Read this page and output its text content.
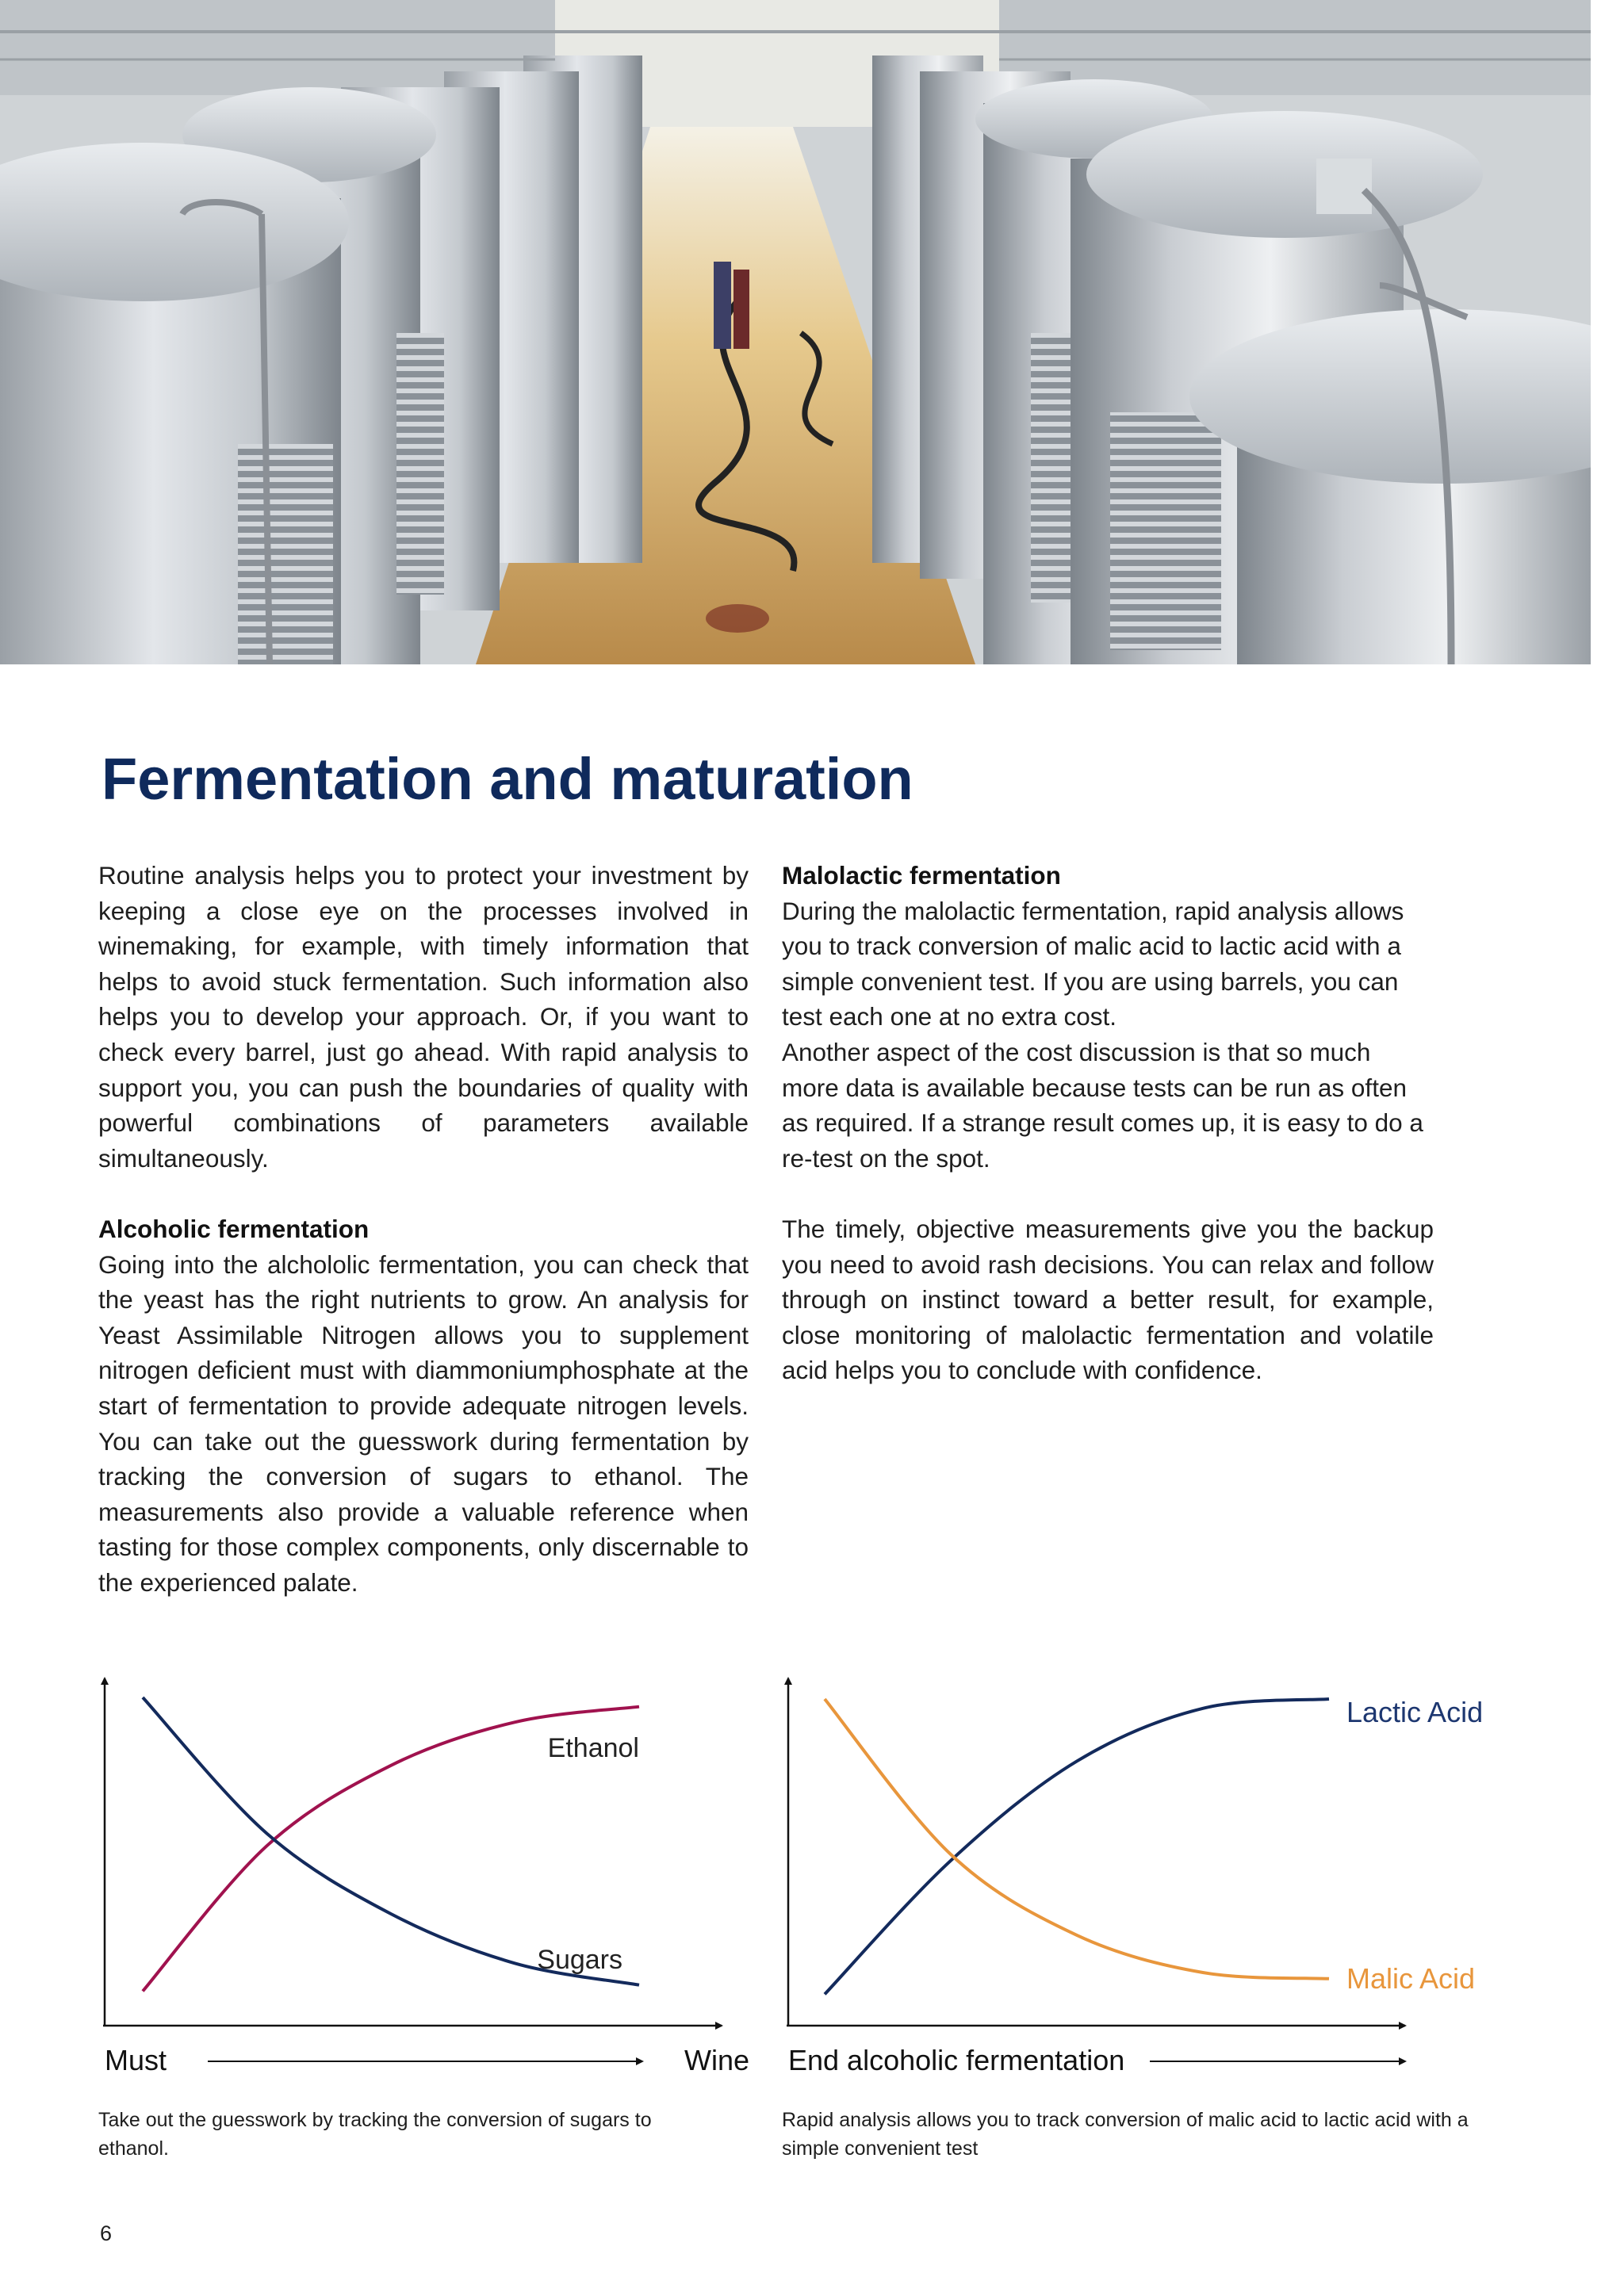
Fermentation and maturation

Routine analysis helps you to protect your investment by keeping a close eye on the processes involved in winemaking, for example, with timely information that helps to avoid stuck fermentation. Such information also helps you to develop your approach. Or, if you want to check every barrel, just go ahead. With rapid analysis to support you, you can push the boundaries of quality with powerful combinations of parameters available simultaneously.

Alcoholic fermentation

Going into the alchololic fermentation, you can check that the yeast has the right nutrients to grow. An analysis for Yeast Assimilable Nitrogen allows you to supplement nitrogen deficient must with diammoniumphosphate at the start of fermentation to provide adequate nitrogen levels. You can take out the guesswork during fermentation by tracking the conversion of sugars to ethanol. The measurements also provide a valuable reference when tasting for those complex components, only discernable to the experienced palate.

Malolactic fermentation

During the malolactic fermentation, rapid analysis allows you to track conversion of malic acid to lactic acid with a simple convenient test. If you are using barrels, you can test each one at no extra cost.

Another aspect of the cost discussion is that so much more data is available because tests can be run as often as required. If a strange result comes up, it is easy to do a re-test on the spot.

The timely, objective measurements give you the backup you need to avoid rash decisions. You can relax and follow through on instinct toward a better result, for example, close monitoring of malolactic fermentation and volatile acid helps you to conclude with confidence.

Ethanol
Sugars
Must	Wine
Lactic Acid
Malic Acid
End alcoholic fermentation

Take out the guesswork by tracking the conversion of sugars to ethanol.

Rapid analysis allows you to track conversion of malic acid to lactic acid with a simple convenient test

6
